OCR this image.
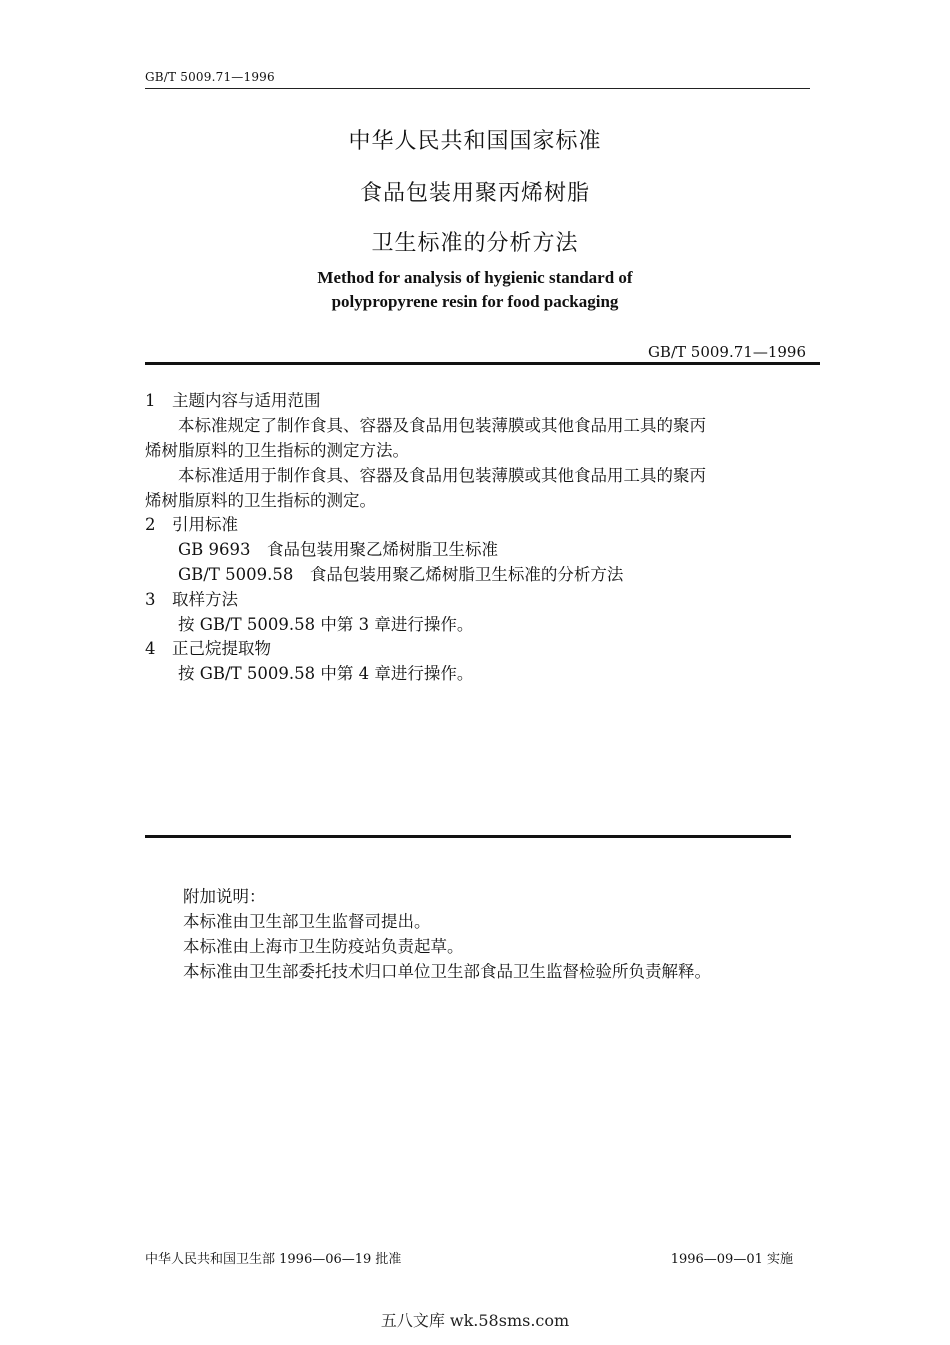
GB/T 5009.71—1996
中华人民共和国国家标准
食品包装用聚丙烯树脂
卫生标准的分析方法
Method for analysis of hygienic standard of
polypropyrene resin for food packaging
GB/T 5009.71—1996
1　主题内容与适用范围
　　本标准规定了制作食具、容器及食品用包装薄膜或其他食品用工具的聚丙
烯树脂原料的卫生指标的测定方法。
　　本标准适用于制作食具、容器及食品用包装薄膜或其他食品用工具的聚丙
烯树脂原料的卫生指标的测定。
2　引用标准
　　GB 9693　食品包装用聚乙烯树脂卫生标准
　　GB/T 5009.58　食品包装用聚乙烯树脂卫生标准的分析方法
3　取样方法
　　按 GB/T 5009.58 中第 3 章进行操作。
4　正己烷提取物
　　按 GB/T 5009.58 中第 4 章进行操作。
附加说明：
本标准由卫生部卫生监督司提出。
本标准由上海市卫生防疫站负责起草。
本标准由卫生部委托技术归口单位卫生部食品卫生监督检验所负责解释。
中华人民共和国卫生部 1996—06—19 批准	1996—09—01 实施
五八文库 wk.58sms.com
